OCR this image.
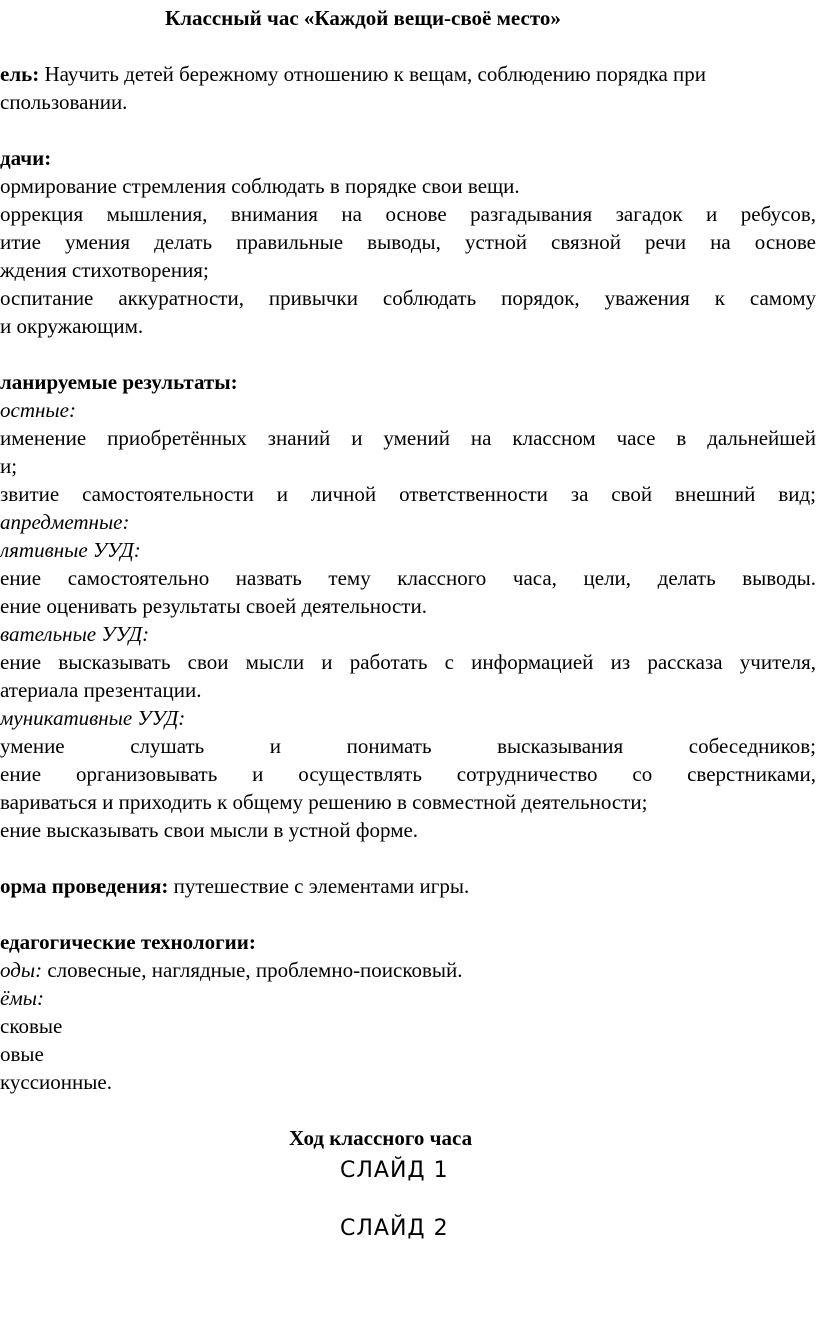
Классный час «Каждой вещи-своё место»
ель: Научить детей бережному отношению к вещам, соблюдению порядка при
спользовании.
дачи:
ормирование стремления соблюдать в порядке свои вещи.
оррекция мышления, внимания на основе разгадывания загадок и ребусов,
итие умения делать правильные выводы, устной связной речи на основе
ждения стихотворения;
оспитание аккуратности, привычки соблюдать порядок, уважения к самому
и окружающим.
ланируемые результаты:
остные:
именение приобретённых знаний и умений на классном часе в дальнейшей
и;
звитие самостоятельности и личной ответственности за свой внешний вид;
апредметные:
лятивные УУД:
ение самостоятельно назвать тему классного часа, цели, делать выводы.
ение оценивать результаты своей деятельности.
вательные УУД:
ение высказывать свои мысли и работать с информацией из рассказа учителя,
атериала презентации.
муникативные УУД:
умение слушать и понимать высказывания собеседников;
ение организовывать и осуществлять сотрудничество со сверстниками,
вариваться и приходить к общему решению в совместной деятельности;
ение высказывать свои мысли в устной форме.
орма проведения: путешествие с элементами игры.
едагогические технологии:
оды: словесные, наглядные, проблемно-поисковый.
ёмы:
сковые
овые
куссионные.
Ход классного часа
СЛАЙД 1
СЛАЙД 2
